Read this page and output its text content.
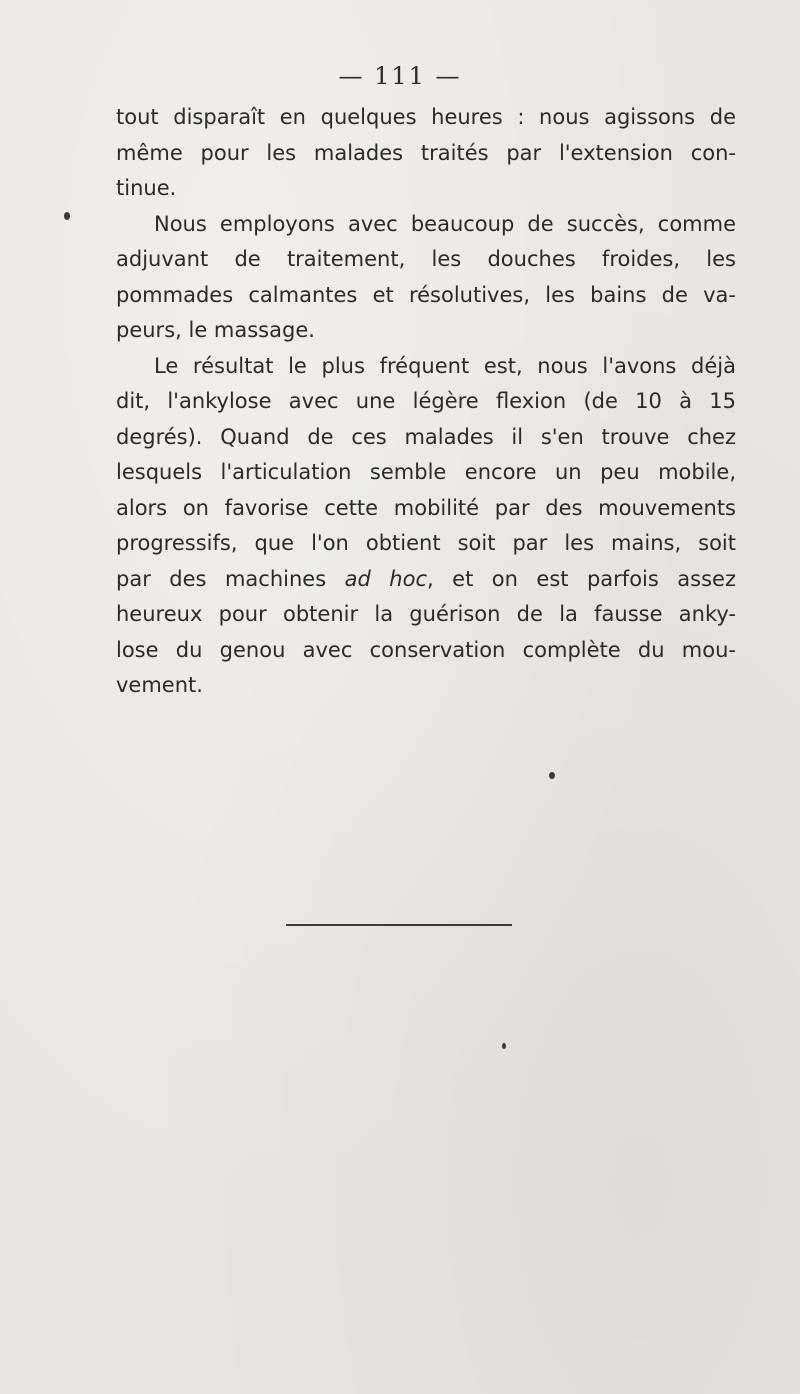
— 111 —
tout disparaît en quelques heures : nous agissons de
même pour les malades traités par l'extension con-
tinue.
Nous employons avec beaucoup de succès, comme
adjuvant de traitement, les douches froides, les
pommades calmantes et résolutives, les bains de va-
peurs, le massage.
Le résultat le plus fréquent est, nous l'avons déjà
dit, l'ankylose avec une légère flexion (de 10 à 15
degrés). Quand de ces malades il s'en trouve chez
lesquels l'articulation semble encore un peu mobile,
alors on favorise cette mobilité par des mouvements
progressifs, que l'on obtient soit par les mains, soit
par des machines ad hoc, et on est parfois assez
heureux pour obtenir la guérison de la fausse anky-
lose du genou avec conservation complète du mou-
vement.
